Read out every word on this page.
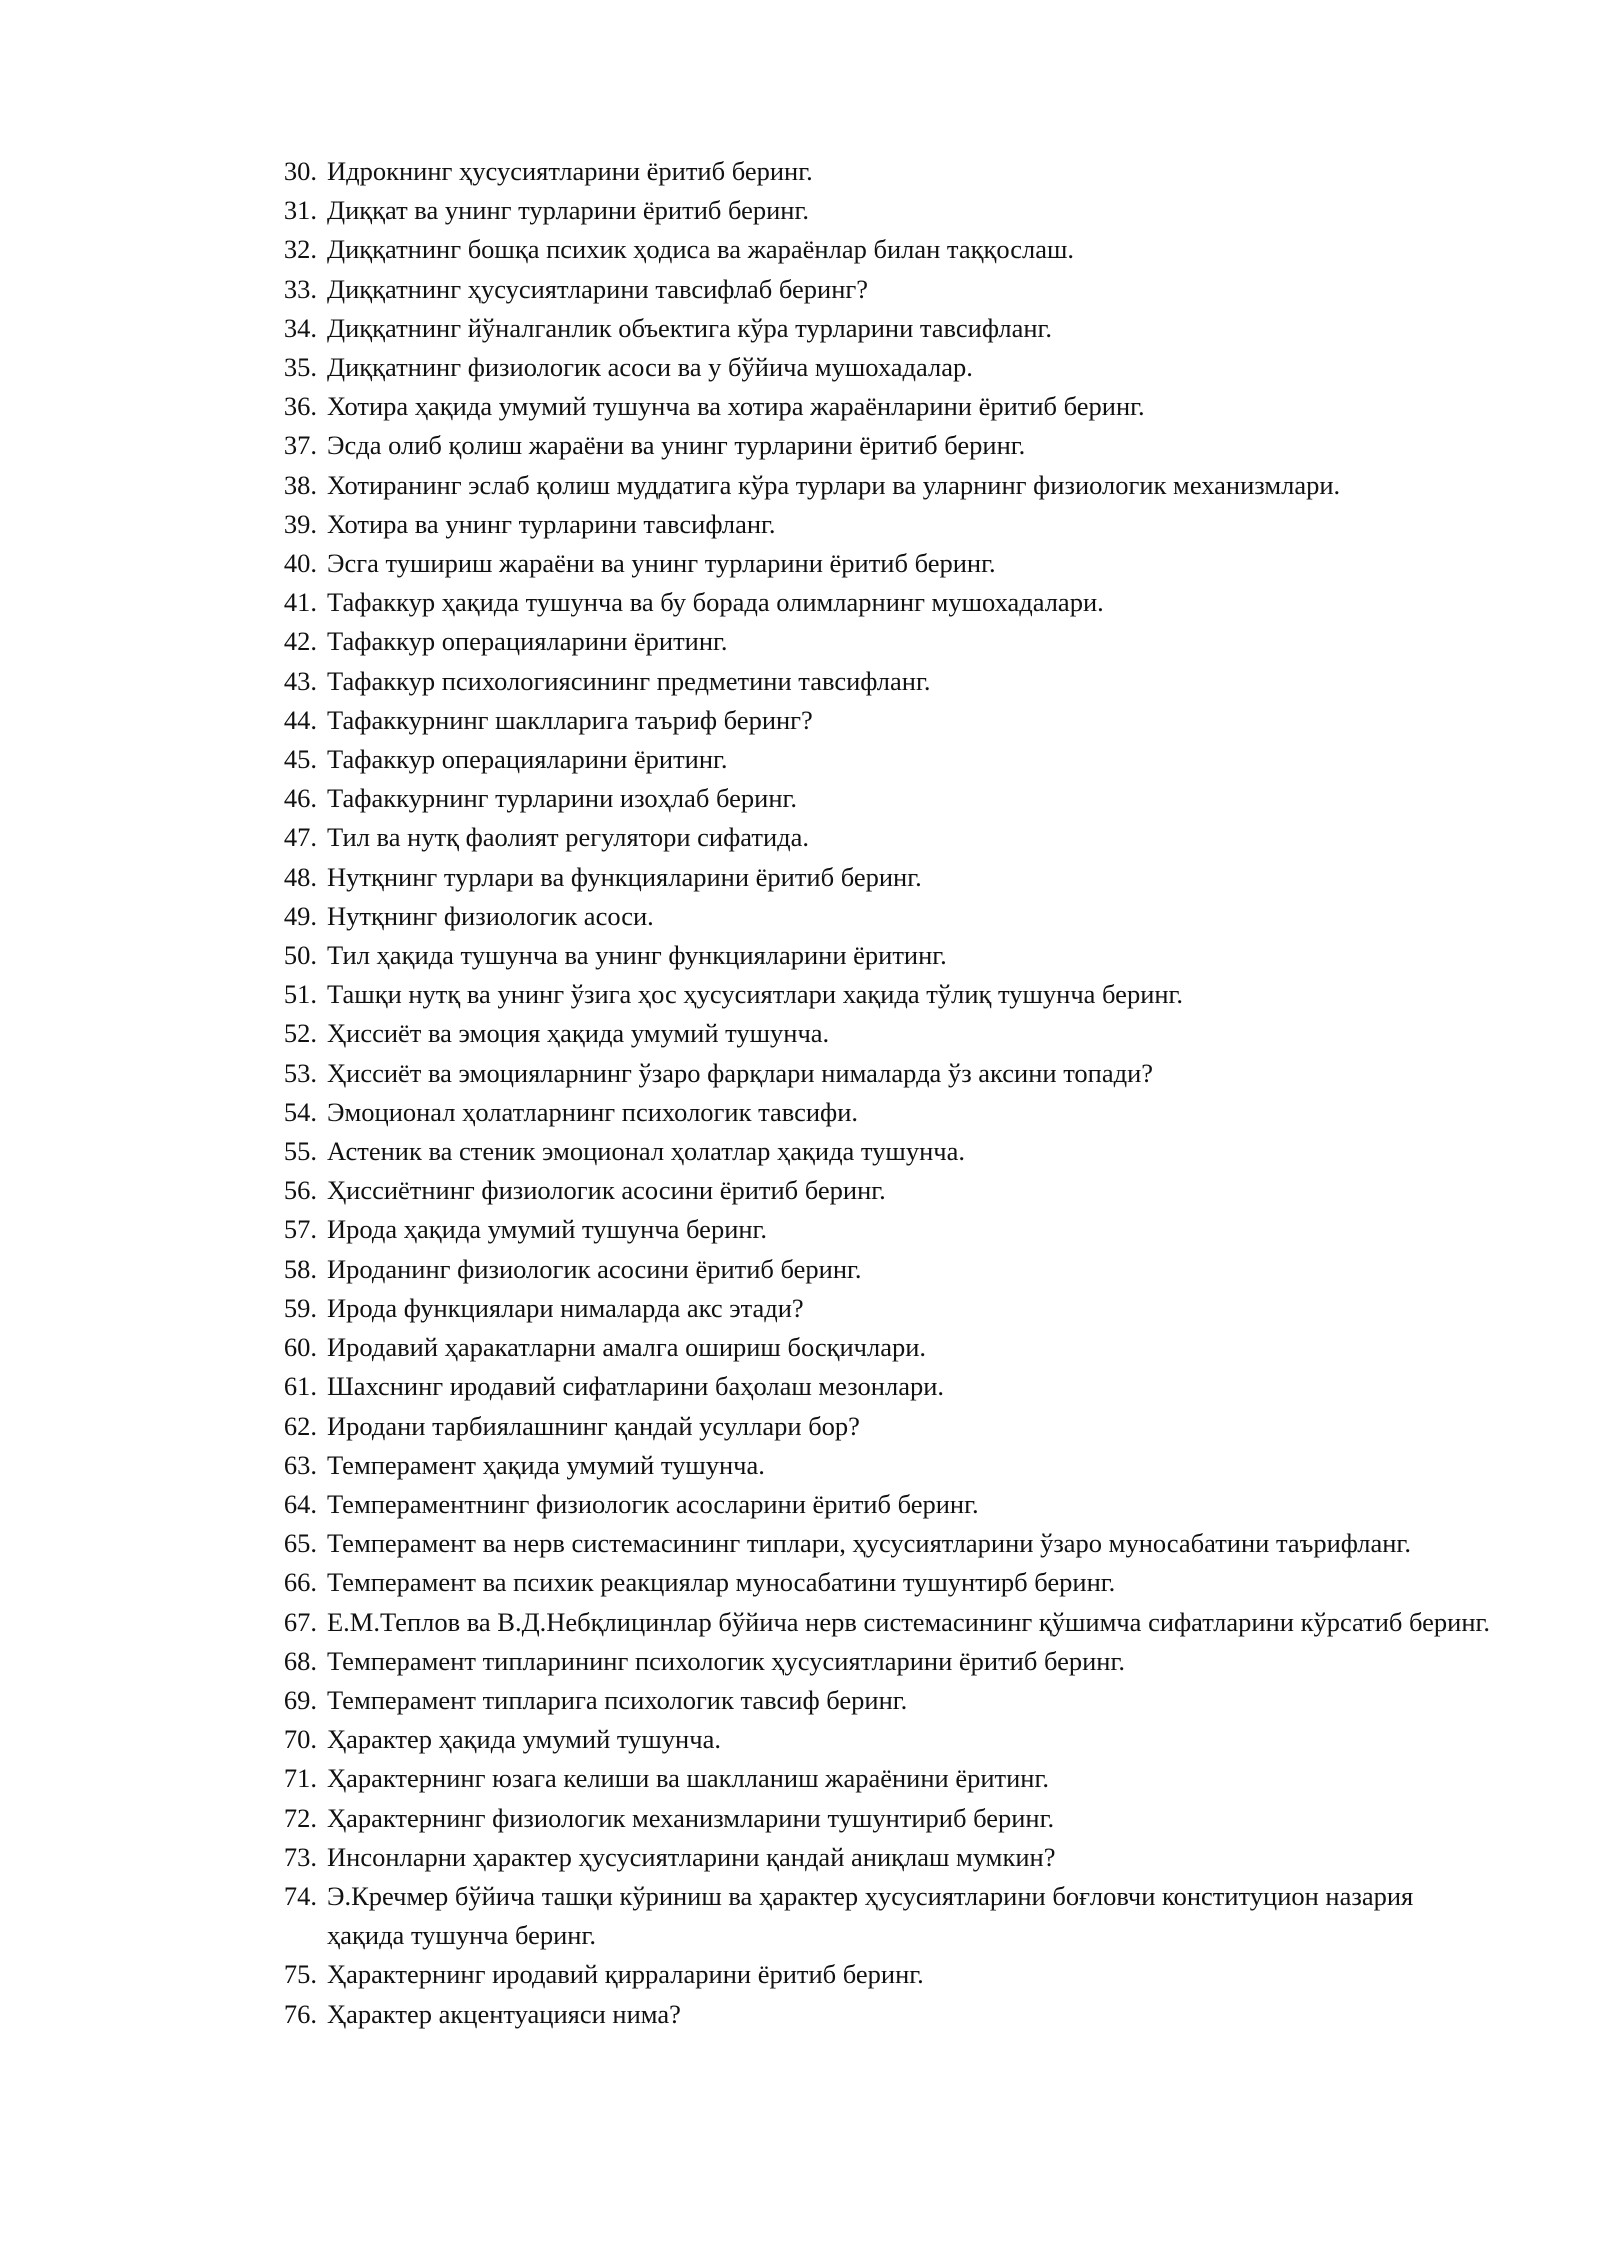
30. Идрокнинг ҳусусиятларини ёритиб беринг.
31. Диққат ва унинг турларини ёритиб беринг.
32. Диққатнинг бошқа психик ҳодиса ва жараёнлар билан таққослаш.
33. Диққатнинг ҳусусиятларини тавсифлаб беринг?
34. Диққатнинг йўналганлик объектига кўра турларини тавсифланг.
35. Диққатнинг физиологик асоси ва у бўйича мушохадалар.
36. Хотира ҳақида умумий тушунча ва хотира жараёнларини ёритиб беринг.
37. Эсда олиб қолиш жараёни ва унинг турларини ёритиб беринг.
38. Хотиранинг эслаб қолиш муддатига кўра турлари ва уларнинг физиологик механизмлари.
39. Хотира ва унинг турларини тавсифланг.
40. Эсга тушириш жараёни ва унинг турларини ёритиб беринг.
41. Тафаккур ҳақида тушунча ва бу борада олимларнинг мушохадалари.
42. Тафаккур операцияларини ёритинг.
43. Тафаккур психологиясининг предметини тавсифланг.
44. Тафаккурнинг шаклларига таъриф беринг?
45. Тафаккур операцияларини ёритинг.
46. Тафаккурнинг турларини изоҳлаб беринг.
47. Тил ва нутқ фаолият регулятори сифатида.
48. Нутқнинг турлари ва функцияларини ёритиб беринг.
49. Нутқнинг физиологик асоси.
50. Тил ҳақида тушунча ва унинг функцияларини ёритинг.
51. Ташқи нутқ ва унинг ўзига ҳос ҳусусиятлари хақида тўлиқ тушунча беринг.
52. Ҳиссиёт ва эмоция ҳақида умумий тушунча.
53. Ҳиссиёт ва эмоцияларнинг ўзаро фарқлари нималарда ўз аксини топади?
54. Эмоционал ҳолатларнинг психологик тавсифи.
55. Астеник ва стеник эмоционал ҳолатлар ҳақида тушунча.
56. Ҳиссиётнинг физиологик асосини ёритиб беринг.
57. Ирода ҳақида умумий тушунча беринг.
58. Иродaнинг физиологик асосини ёритиб беринг.
59. Ирода функциялари нималарда акс этади?
60. Иродавий ҳаракатларни амалга ошириш босқичлари.
61. Шахснинг иродавий сифатларини баҳолаш мезонлари.
62. Иродани тарбиялашнинг қандай усуллари бор?
63. Темперамент ҳақида умумий тушунча.
64. Темпераментнинг физиологик асосларини ёритиб беринг.
65. Темперамент ва нерв системасининг типлари, ҳусусиятларини ўзаро муносабатини таърифланг.
66. Темперамент ва психик реакциялар муносабатини тушунтирб беринг.
67. Е.М.Теплов ва В.Д.Небқлицинлар бўйича нерв системасининг қўшимча сифатларини кўрсатиб беринг.
68. Темперамент типларининг психологик ҳусусиятларини ёритиб беринг.
69. Темперамент типларига психологик тавсиф беринг.
70. Ҳарактер ҳақида умумий тушунча.
71. Ҳарактернинг юзага келиши ва шаклланиш жараёнини ёритинг.
72. Ҳарактернинг физиологик механизмларини тушунтириб беринг.
73. Инсонларни ҳарактер ҳусусиятларини қандай аниқлаш мумкин?
74. Э.Кречмер бўйича ташқи кўриниш ва ҳарактер ҳусусиятларини боғловчи конституцион назария ҳақида тушунча беринг.
75. Ҳарактернинг иродавий қирраларини ёритиб беринг.
76. Ҳарактер акцентуацияси нима?
